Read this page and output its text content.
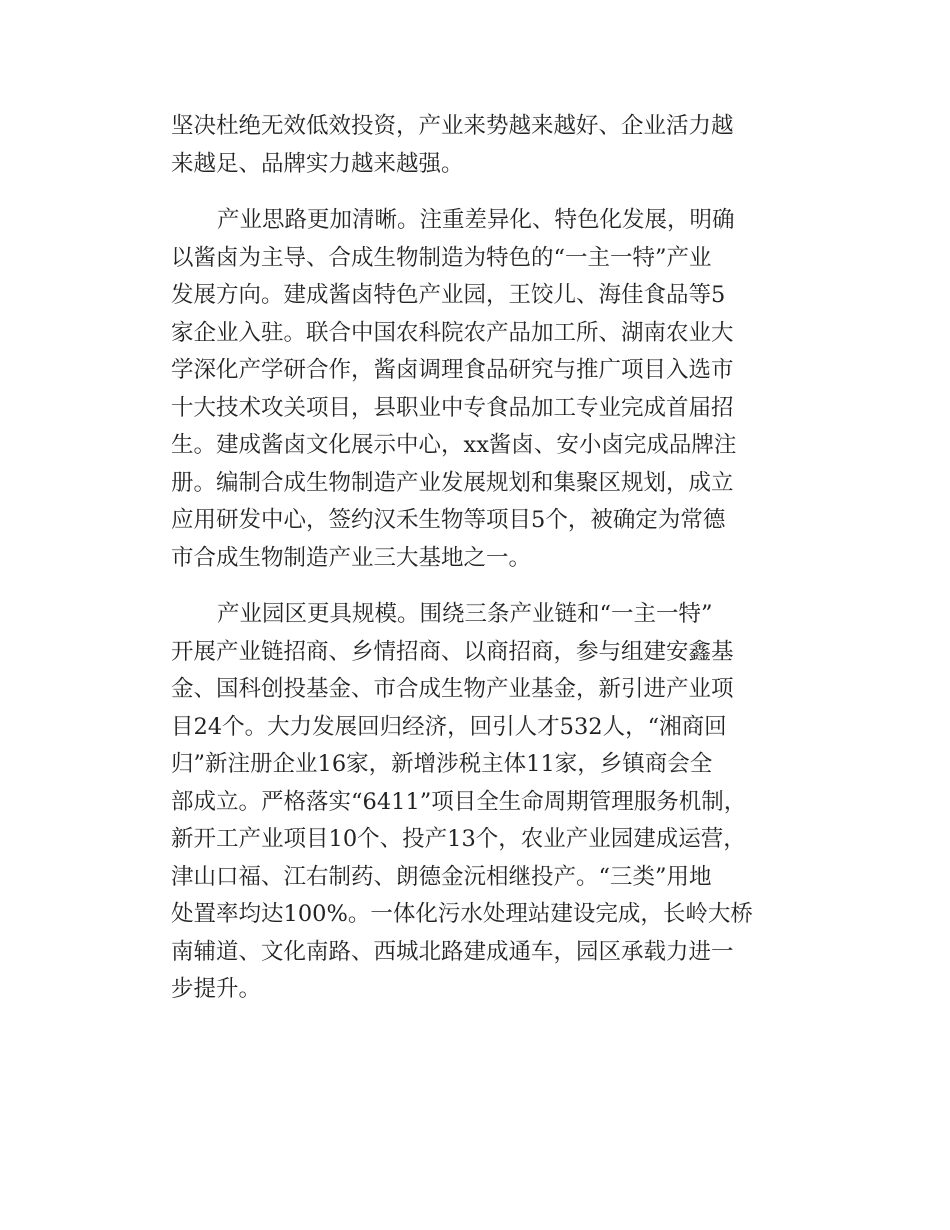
坚决杜绝无效低效投资，产业来势越来越好、企业活力越
来越足、品牌实力越来越强。
产业思路更加清晰。注重差异化、特色化发展，明确
以酱卤为主导、合成生物制造为特色的“一主一特”产业
发展方向。建成酱卤特色产业园，王饺儿、海佳食品等5
家企业入驻。联合中国农科院农产品加工所、湖南农业大
学深化产学研合作，酱卤调理食品研究与推广项目入选市
十大技术攻关项目，县职业中专食品加工专业完成首届招
生。建成酱卤文化展示中心，xx酱卤、安小卤完成品牌注
册。编制合成生物制造产业发展规划和集聚区规划，成立
应用研发中心，签约汉禾生物等项目5个，被确定为常德
市合成生物制造产业三大基地之一。
产业园区更具规模。围绕三条产业链和“一主一特”
开展产业链招商、乡情招商、以商招商，参与组建安鑫基
金、国科创投基金、市合成生物产业基金，新引进产业项
目24个。大力发展回归经济，回引人才532人，“湘商回
归”新注册企业16家，新增涉税主体11家，乡镇商会全
部成立。严格落实“6411”项目全生命周期管理服务机制，
新开工产业项目10个、投产13个，农业产业园建成运营，
津山口福、江右制药、朗德金沅相继投产。“三类”用地
处置率均达100%。一体化污水处理站建设完成，长岭大桥
南辅道、文化南路、西城北路建成通车，园区承载力进一
步提升。
